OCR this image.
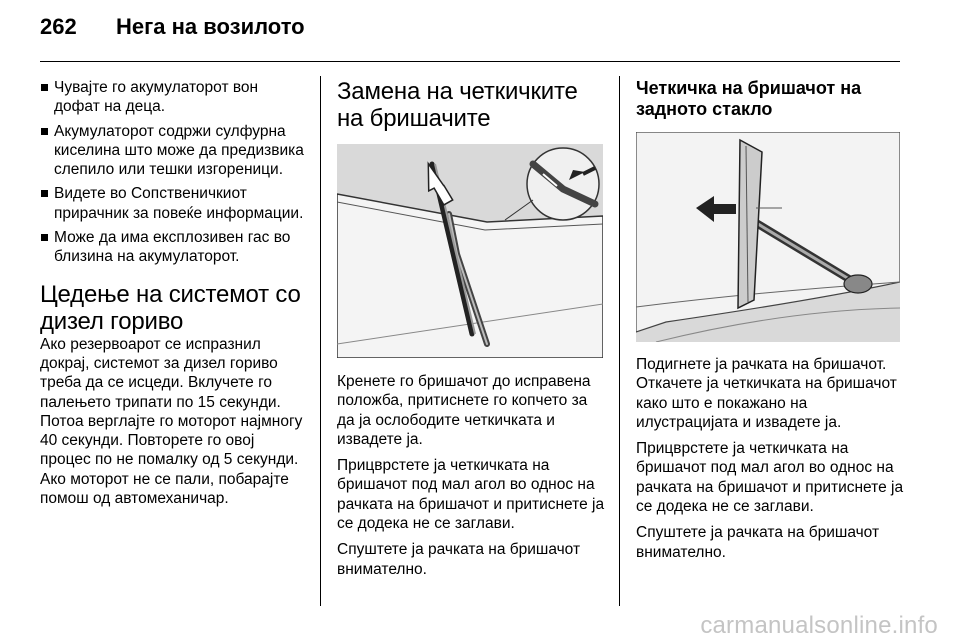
262 Нега на возилото
Чувајте го акумулаторот вон дофат на деца.
Акумулаторот содржи сулфурна киселина што може да предизвика слепило или тешки изгореници.
Видете во Сопственичкиот прирачник за повеќе информации.
Може да има експлозивен гас во близина на акумулаторот.
Цедење на системот со дизел гориво

Ако резервоарот се испразнил докрај, системот за дизел гориво треба да се исцеди. Вклучете го палењето трипати по 15 секунди. Потоа верглајте го моторот најмногу 40 секунди. Повторете го овој процес по не помалку од 5 секунди. Ако моторот не се пали, побарајте помош од автомеханичар.

Замена на четкичките на бришачите

Кренете го бришачот до исправена положба, притиснете го копчето за да ја ослободите четкичката и извадете ја.

Прицврстете ја четкичката на бришачот под мал агол во однос на рачката на бришачот и притиснете ја се додека не се заглави.

Спуштете ја рачката на бришачот внимателно.

Четкичка на бришачот на задното стакло

Подигнете ја рачката на бришачот. Откачете ја четкичката на бришачот како што е покажано на илустрацијата и извадете ја.

Прицврстете ја четкичката на бришачот под мал агол во однос на рачката на бришачот и притиснете ја се додека не се заглави.

Спуштете ја рачката на бришачот внимателно.

carmanualsonline.info
